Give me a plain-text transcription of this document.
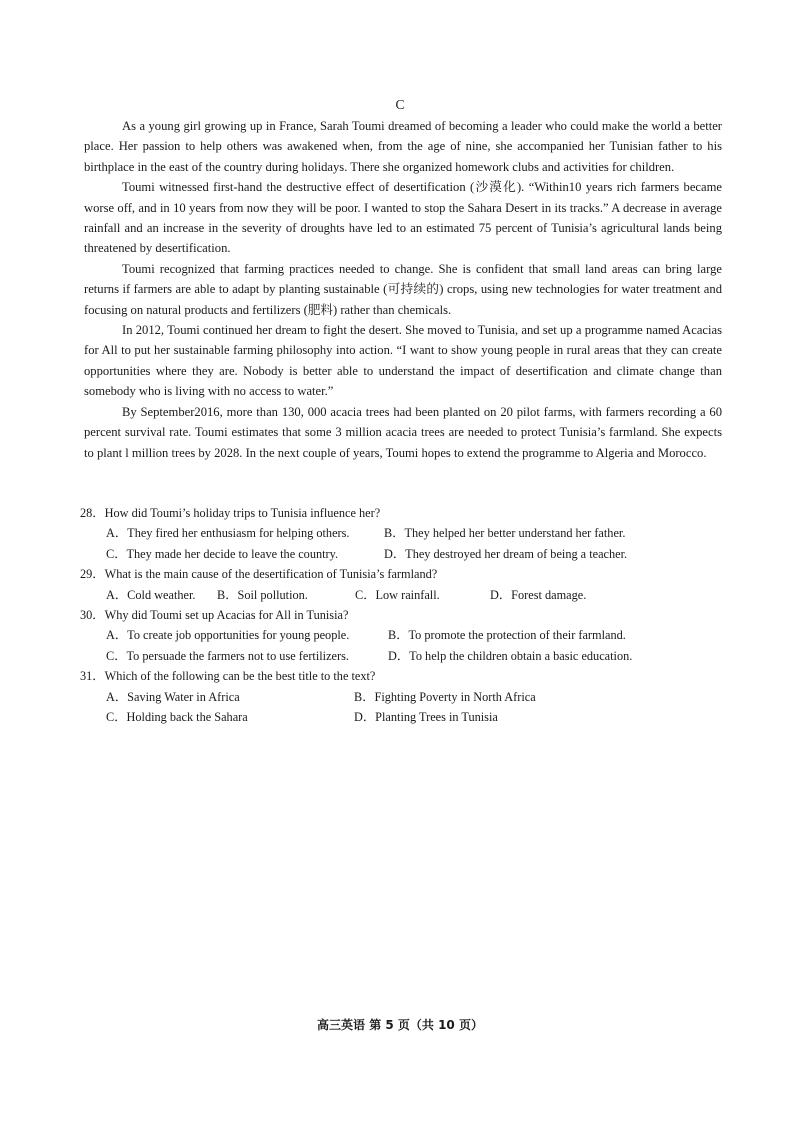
C

As a young girl growing up in France, Sarah Toumi dreamed of becoming a leader who could make the world a better place. Her passion to help others was awakened when, from the age of nine, she accompanied her Tunisian father to his birthplace in the east of the country during holidays. There she organized homework clubs and activities for children.

Toumi witnessed first-hand the destructive effect of desertification (沙漠化). “Within10 years rich farmers became worse off, and in 10 years from now they will be poor. I wanted to stop the Sahara Desert in its tracks.” A decrease in average rainfall and an increase in the severity of droughts have led to an estimated 75 percent of Tunisia’s agricultural lands being threatened by desertification.

Toumi recognized that farming practices needed to change. She is confident that small land areas can bring large returns if farmers are able to adapt by planting sustainable (可持续的) crops, using new technologies for water treatment and focusing on natural products and fertilizers (肥料) rather than chemicals.

In 2012, Toumi continued her dream to fight the desert. She moved to Tunisia, and set up a programme named Acacias for All to put her sustainable farming philosophy into action. “I want to show young people in rural areas that they can create opportunities where they are. Nobody is better able to understand the impact of desertification and climate change than somebody who is living with no access to water.”

By September2016, more than 130, 000 acacia trees had been planted on 20 pilot farms, with farmers recording a 60 percent survival rate. Toumi estimates that some 3 million acacia trees are needed to protect Tunisia’s farmland. She expects to plant l million trees by 2028. In the next couple of years, Toumi hopes to extend the programme to Algeria and Morocco.

28．How did Toumi’s holiday trips to Tunisia influence her?
A．They fired her enthusiasm for helping others.	B．They helped her better understand her father.
C．They made her decide to leave the country.	D．They destroyed her dream of being a teacher.
29．What is the main cause of the desertification of Tunisia’s farmland?
A．Cold weather. B．Soil pollution.	C．Low rainfall.	D．Forest damage.
30．Why did Toumi set up Acacias for All in Tunisia?
A．To create job opportunities for young people.	B．To promote the protection of their farmland.
C．To persuade the farmers not to use fertilizers.	D．To help the children obtain a basic education.
31．Which of the following can be the best title to the text?
A．Saving Water in Africa	B．Fighting Poverty in North Africa
C．Holding back the Sahara	D．Planting Trees in Tunisia
高三英语 第 5 页（共 10 页）
